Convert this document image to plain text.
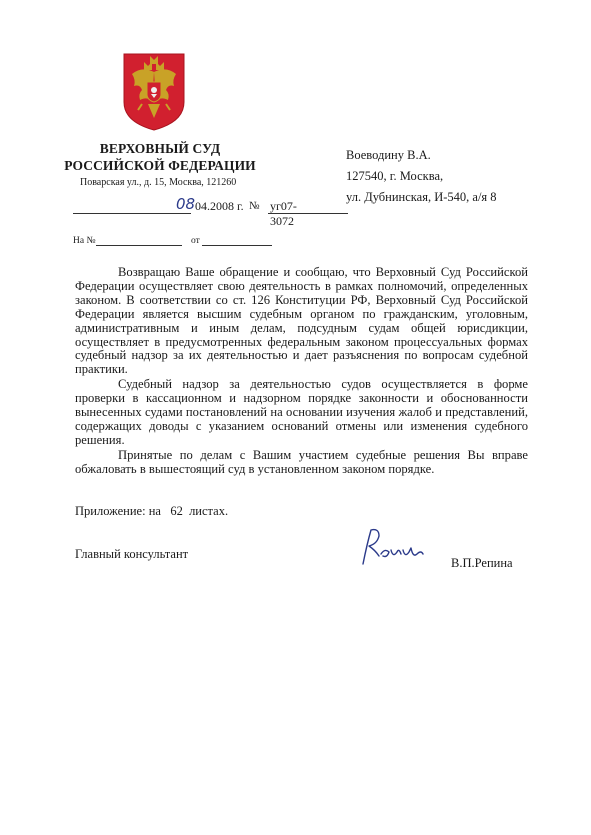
ВЕРХОВНЫЙ СУД
РОССИЙСКОЙ ФЕДЕРАЦИИ
Поварская ул., д. 15, Москва, 121260
08 04.2008 г. № уг07-3072
На №	от
Воеводину В.А.
127540, г. Москва,
ул. Дубнинская, И-540, а/я 8

Возвращаю Ваше обращение и сообщаю, что Верховный Суд Российской Федерации осуществляет свою деятельность в рамках полномочий, определенных законом. В соответствии со ст. 126 Конституции РФ, Верховный Суд Российской Федерации является высшим судебным органом по гражданским, уголовным, административным и иным делам, подсудным судам общей юрисдикции, осуществляет в предусмотренных федеральным законом процессуальных формах судебный надзор за их деятельностью и дает разъяснения по вопросам судебной практики.

Судебный надзор за деятельностью судов осуществляется в форме проверки в кассационном и надзорном порядке законности и обоснованности вынесенных судами постановлений на основании изучения жалоб и представлений, содержащих доводы с указанием оснований отмены или изменения судебного решения.

Принятые по делам с Вашим участием судебные решения Вы вправе обжаловать в вышестоящий суд в установленном законом порядке.

Приложение: на 62 листах.
Главный консультант
В.П.Репина
